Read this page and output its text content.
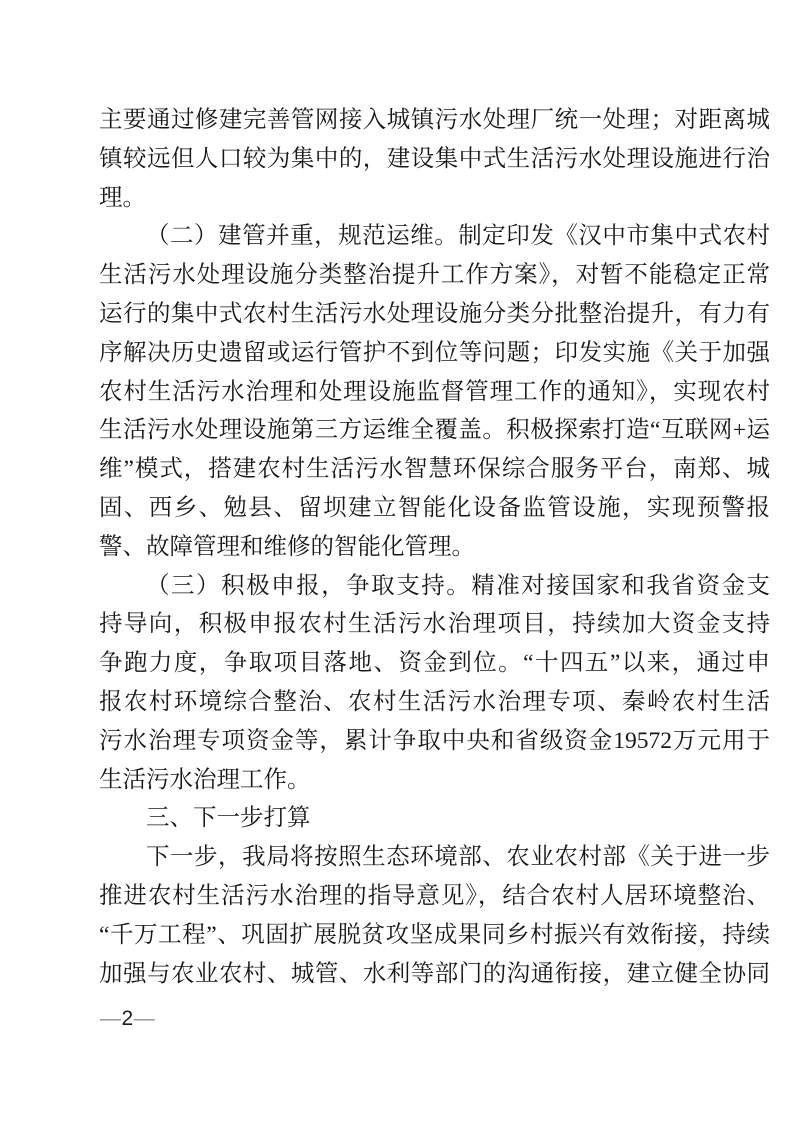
主要通过修建完善管网接入城镇污水处理厂统一处理；对距离城
镇较远但人口较为集中的，建设集中式生活污水处理设施进行治
理。
（二）建管并重，规范运维。制定印发《汉中市集中式农村
生活污水处理设施分类整治提升工作方案》，对暂不能稳定正常
运行的集中式农村生活污水处理设施分类分批整治提升，有力有
序解决历史遗留或运行管护不到位等问题；印发实施《关于加强
农村生活污水治理和处理设施监督管理工作的通知》，实现农村
生活污水处理设施第三方运维全覆盖。积极探索打造“互联网+运
维”模式，搭建农村生活污水智慧环保综合服务平台，南郑、城
固、西乡、勉县、留坝建立智能化设备监管设施，实现预警报
警、故障管理和维修的智能化管理。
（三）积极申报，争取支持。精准对接国家和我省资金支
持导向，积极申报农村生活污水治理项目，持续加大资金支持
争跑力度，争取项目落地、资金到位。“十四五”以来，通过申
报农村环境综合整治、农村生活污水治理专项、秦岭农村生活
污水治理专项资金等，累计争取中央和省级资金19572万元用于
生活污水治理工作。
三、下一步打算
下一步，我局将按照生态环境部、农业农村部《关于进一步
推进农村生活污水治理的指导意见》，结合农村人居环境整治、
“千万工程”、巩固扩展脱贫攻坚成果同乡村振兴有效衔接，持续
加强与农业农村、城管、水利等部门的沟通衔接，建立健全协同
—2—
